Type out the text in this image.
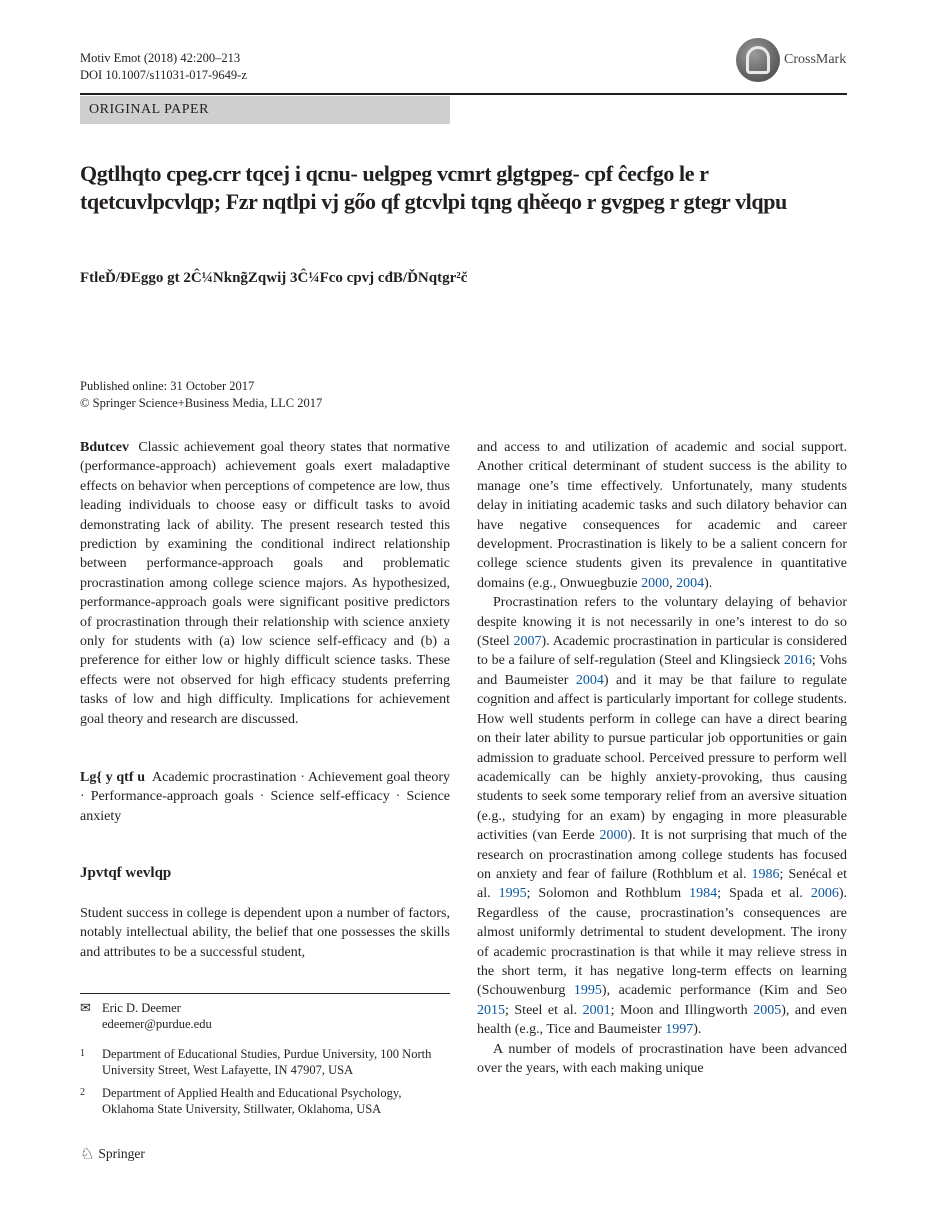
Motiv Emot (2018) 42:200–213
DOI 10.1007/s11031-017-9649-z
CrossMark
ORIGINAL PAPER
Qgtlhqto cpeg.crr tqcej i qcnu- uelgpeg vcmrt glgtgpeg- cpf ĉecfgo le r tqetcuvlpcvlqp; Fzr nqtlpi vj gőo qf gtcvlpi tqng qhěeqo r gvgpeg r gtegr vlqpu
FtleĎ/ĐEggo gt 2Ĉ¼Nkng̃Zqwij 3Ĉ¼Fco cpvj cđB/ĎNqtgr²č
Published online: 31 October 2017
© Springer Science+Business Media, LLC 2017

Bdutcev Classic achievement goal theory states that normative (performance-approach) achievement goals exert maladaptive effects on behavior when perceptions of competence are low, thus leading individuals to choose easy or difficult tasks to avoid demonstrating lack of ability. The present research tested this prediction by examining the conditional indirect relationship between performance-approach goals and problematic procrastination among college science majors. As hypothesized, performance-approach goals were significant positive predictors of procrastination through their relationship with science anxiety only for students with (a) low science self-efficacy and (b) a preference for either low or highly difficult science tasks. These effects were not observed for high efficacy students preferring tasks of low and high difficulty. Implications for achievement goal theory and research are discussed.

Lg{ y qtf u Academic procrastination · Achievement goal theory · Performance-approach goals · Science self-efficacy · Science anxiety

Jpvtqf wevlqp

Student success in college is dependent upon a number of factors, notably intellectual ability, the belief that one possesses the skills and attributes to be a successful student,

✉ Eric D. Deemer
edeemer@purdue.edu
1 Department of Educational Studies, Purdue University, 100 North University Street, West Lafayette, IN 47907, USA
2 Department of Applied Health and Educational Psychology, Oklahoma State University, Stillwater, Oklahoma, USA
♘ Springer

and access to and utilization of academic and social support. Another critical determinant of student success is the ability to manage one’s time effectively. Unfortunately, many students delay in initiating academic tasks and such dilatory behavior can have negative consequences for academic and career development. Procrastination is likely to be a salient concern for college science students given its prevalence in quantitative domains (e.g., Onwuegbuzie 2000, 2004).

Procrastination refers to the voluntary delaying of behavior despite knowing it is not necessarily in one’s interest to do so (Steel 2007). Academic procrastination in particular is considered to be a failure of self-regulation (Steel and Klingsieck 2016; Vohs and Baumeister 2004) and it may be that failure to regulate cognition and affect is particularly important for college students. How well students perform in college can have a direct bearing on their later ability to pursue particular job opportunities or gain admission to graduate school. Perceived pressure to perform well academically can be highly anxiety-provoking, thus causing students to seek some temporary relief from an aversive situation (e.g., studying for an exam) by engaging in more pleasurable activities (van Eerde 2000). It is not surprising that much of the research on procrastination among college students has focused on anxiety and fear of failure (Rothblum et al. 1986; Senécal et al. 1995; Solomon and Rothblum 1984; Spada et al. 2006). Regardless of the cause, procrastination’s consequences are almost uniformly detrimental to student development. The irony of academic procrastination is that while it may relieve stress in the short term, it has negative long-term effects on learning (Schouwenburg 1995), academic performance (Kim and Seo 2015; Steel et al. 2001; Moon and Illingworth 2005), and even health (e.g., Tice and Baumeister 1997).

A number of models of procrastination have been advanced over the years, with each making unique
